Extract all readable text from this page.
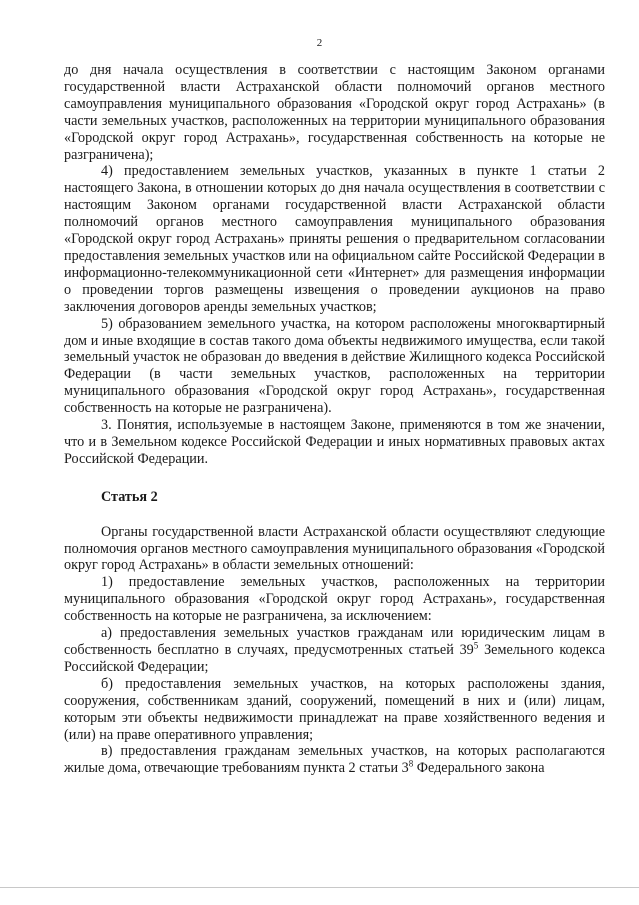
2

до дня начала осуществления в соответствии с настоящим Законом органами государственной власти Астраханской области полномочий органов местного самоуправления муниципального образования «Городской округ город Астрахань» (в части земельных участков, расположенных на территории муниципального образования «Городской округ город Астрахань», государственная собственность на которые не разграничена);

4) предоставлением земельных участков, указанных в пункте 1 статьи 2 настоящего Закона, в отношении которых до дня начала осуществления в соответствии с настоящим Законом органами государственной власти Астраханской области полномочий органов местного самоуправления муниципального образования «Городской округ город Астрахань» приняты решения о предварительном согласовании предоставления земельных участков или на официальном сайте Российской Федерации в информационно-телекоммуникационной сети «Интернет» для размещения информации о проведении торгов размещены извещения о проведении аукционов на право заключения договоров аренды земельных участков;

5) образованием земельного участка, на котором расположены многоквартирный дом и иные входящие в состав такого дома объекты недвижимого имущества, если такой земельный участок не образован до введения в действие Жилищного кодекса Российской Федерации (в части земельных участков, расположенных на территории муниципального образования «Городской округ город Астрахань», государственная собственность на которые не разграничена).

3. Понятия, используемые в настоящем Законе, применяются в том же значении, что и в Земельном кодексе Российской Федерации и иных нормативных правовых актах Российской Федерации.

Статья 2

Органы государственной власти Астраханской области осуществляют следующие полномочия органов местного самоуправления муниципального образования «Городской округ город Астрахань» в области земельных отношений:

1) предоставление земельных участков, расположенных на территории муниципального образования «Городской округ город Астрахань», государственная собственность на которые не разграничена, за исключением:

а) предоставления земельных участков гражданам или юридическим лицам в собственность бесплатно в случаях, предусмотренных статьей $39^5$ Земельного кодекса Российской Федерации;

б) предоставления земельных участков, на которых расположены здания, сооружения, собственникам зданий, сооружений, помещений в них и (или) лицам, которым эти объекты недвижимости принадлежат на праве хозяйственного ведения и (или) на праве оперативного управления;

в) предоставления гражданам земельных участков, на которых располагаются жилые дома, отвечающие требованиям пункта 2 статьи $3^8$ Федерального закона
